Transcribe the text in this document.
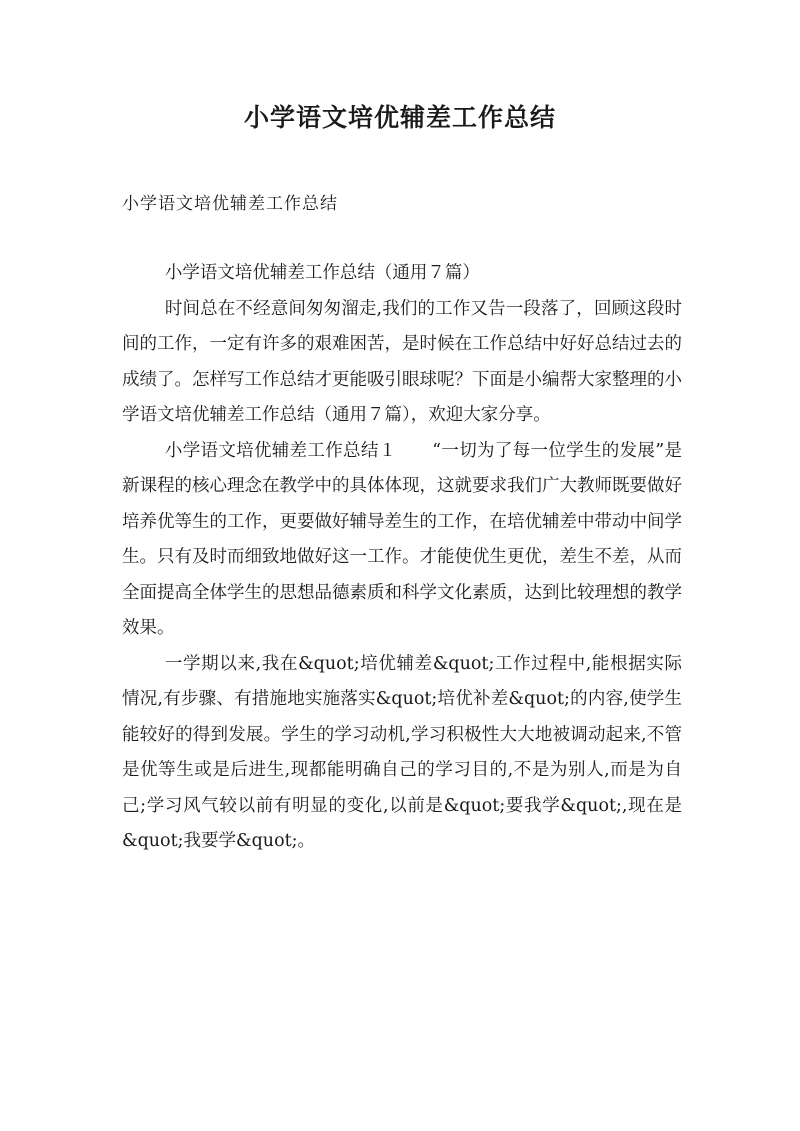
小学语文培优辅差工作总结

小学语文培优辅差工作总结

小学语文培优辅差工作总结（通用７篇）

时间总在不经意间匆匆溜走,我们的工作又告一段落了，回顾这段时间的工作，一定有许多的艰难困苦，是时候在工作总结中好好总结过去的成绩了。怎样写工作总结才更能吸引眼球呢？下面是小编帮大家整理的小学语文培优辅差工作总结（通用７篇），欢迎大家分享。

小学语文培优辅差工作总结１　　“一切为了每一位学生的发展”是新课程的核心理念在教学中的具体体现，这就要求我们广大教师既要做好培养优等生的工作，更要做好辅导差生的工作，在培优辅差中带动中间学生。只有及时而细致地做好这一工作。才能使优生更优，差生不差，从而全面提高全体学生的思想品德素质和科学文化素质，达到比较理想的教学效果。

一学期以来,我在&quot;培优辅差&quot;工作过程中,能根据实际情况,有步骤、有措施地实施落实&quot;培优补差&quot;的内容,使学生能较好的得到发展。学生的学习动机,学习积极性大大地被调动起来,不管是优等生或是后进生,现都能明确自己的学习目的,不是为别人,而是为自己;学习风气较以前有明显的变化,以前是&quot;要我学&quot;,现在是&quot;我要学&quot;。
